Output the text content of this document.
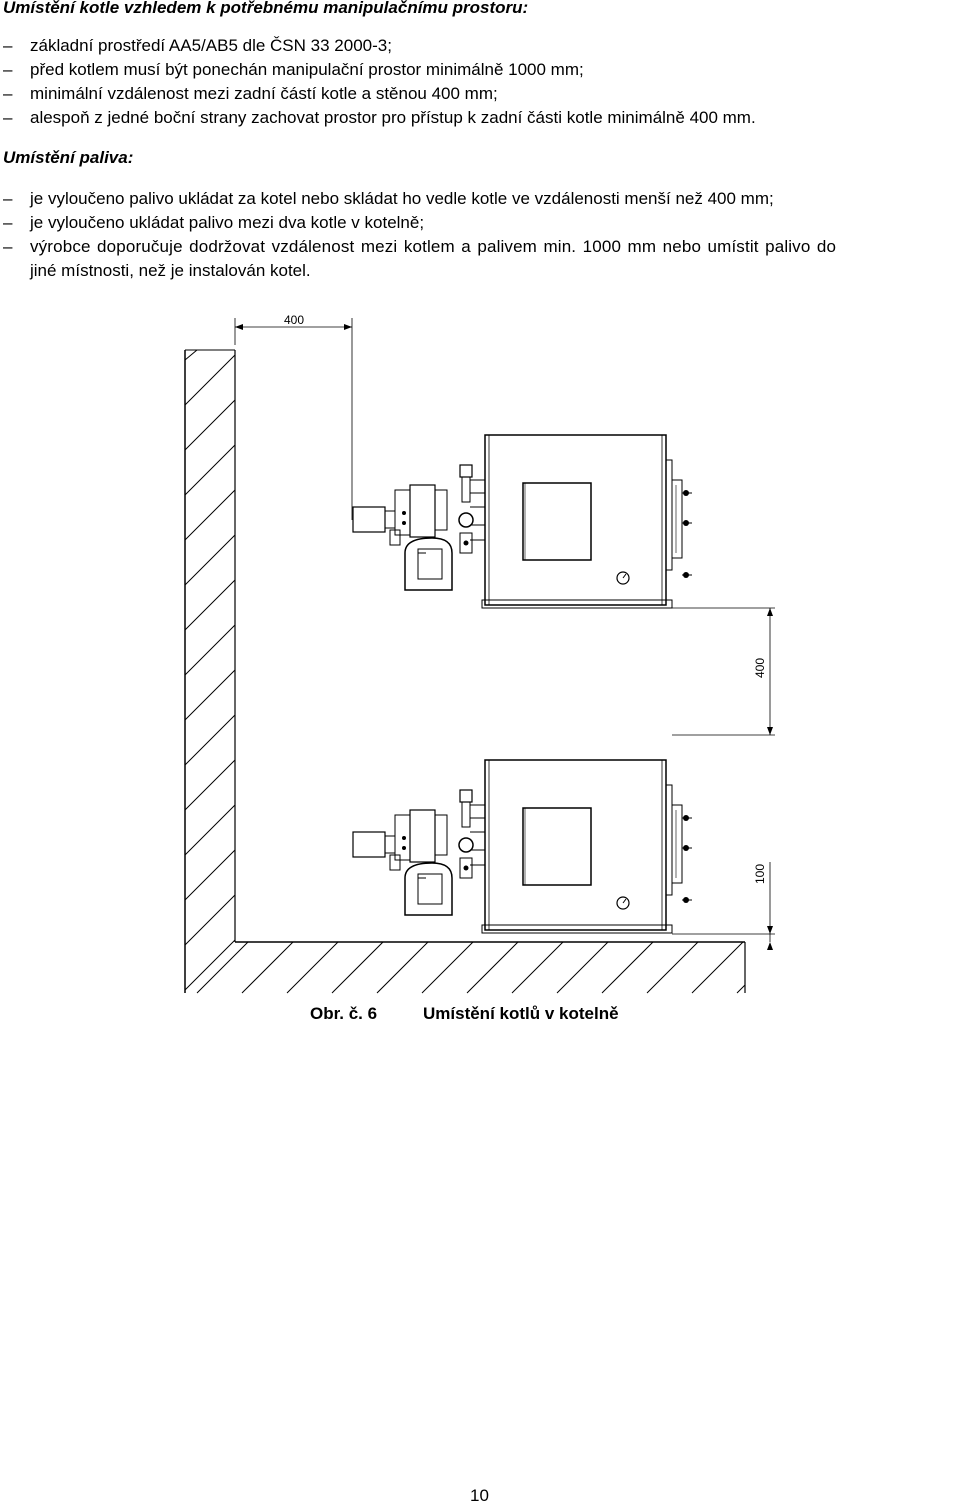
Umístění kotle vzhledem k potřebnému manipulačnímu prostoru:
– základní prostředí AA5/AB5 dle ČSN 33 2000-3;
– před kotlem musí být ponechán manipulační prostor minimálně 1000 mm;
– minimální vzdálenost mezi zadní částí kotle a stěnou 400 mm;
– alespoň z jedné boční strany zachovat prostor pro přístup k zadní části kotle minimálně 400 mm.
Umístění paliva:
– je vyloučeno palivo ukládat za kotel nebo skládat ho vedle kotle ve vzdálenosti menší než 400 mm;
– je vyloučeno ukládat palivo mezi dva kotle v kotelně;
– výrobce doporučuje dodržovat vzdálenost mezi kotlem a palivem min. 1000 mm nebo umístit palivo do
jiné místnosti, než je instalován kotel.
400
400
100
Obr. č. 6	Umístění kotlů v kotelně
10
